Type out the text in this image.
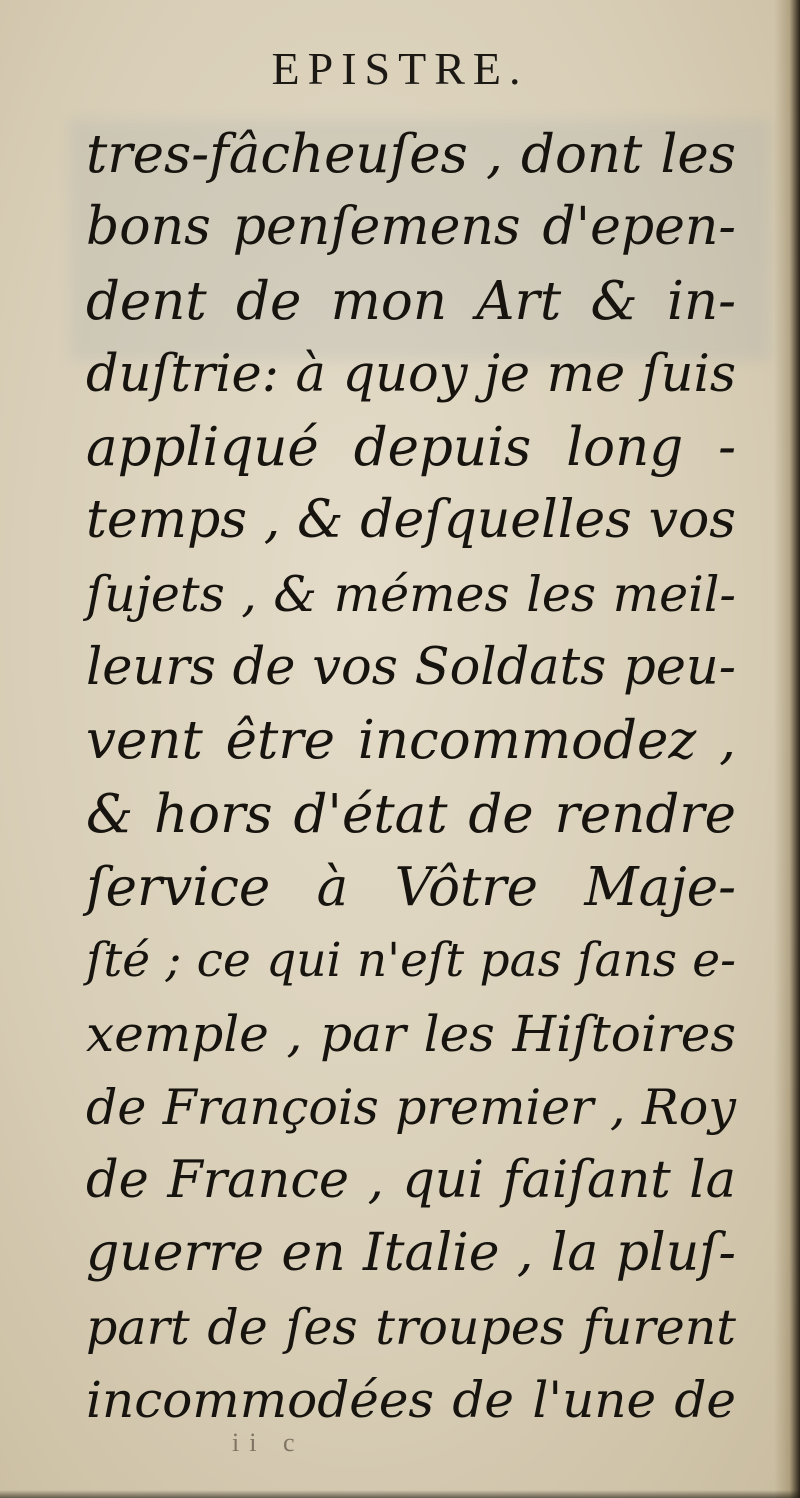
EPISTRE.
tres-fâcheuſes , dont les
bons penſemens d'epen-
dent de mon Art & in-
duſtrie: à quoy je me ſuis
appliqué depuis long -
temps , & deſquelles vos
ſujets , & mémes les meil-
leurs de vos Soldats peu-
vent être incommodez ,
& hors d'état de rendre
ſervice à Vôtre Maje-
ſté ; ce qui n'eſt pas ſans e-
xemple , par les Hiſtoires
de François premier , Roy
de France , qui faiſant la
guerre en Italie , la pluſ-
part de ſes troupes furent
incommodées de l'une de
ii c
